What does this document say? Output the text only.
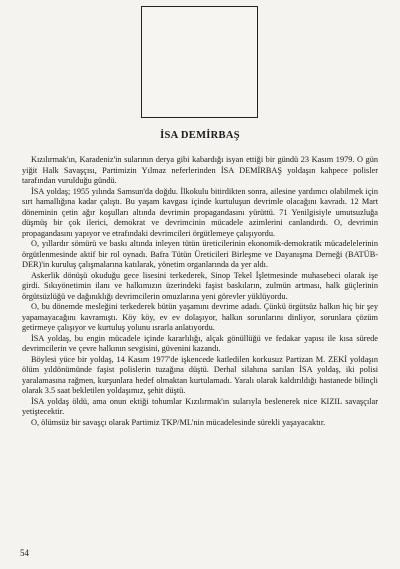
İSA DEMİRBAŞ

Kızılırmak'ın, Karadeniz'in sularının derya gibi kabardığı isyan ettiği bir gündü 23 Kasım 1979. O gün yiğit Halk Savaşçısı, Partimizin Yılmaz neferlerinden İSA DEMİRBAŞ yoldaşın kahpece polisler tarafından vurulduğu gündü.

İSA yoldaş; 1955 yılında Samsun'da doğdu. İlkokulu bitirdikten sonra, ailesine yardımcı olabilmek için sırt hamallığına kadar çalıştı. Bu yaşam kavgası içinde kurtuluşun devrimle olacağını kavradı. 12 Mart döneminin çetin ağır koşulları altında devrimin propagandasını yürüttü. 71 Yenilgisiyle umutsuzluğa düşmüş bir çok ilerici, demokrat ve devrimcinin mücadele azimlerini canlandırdı. O, devrimin propagandasını yapıyor ve etrafındaki devrimcileri örgütlemeye çalışıyordu.

O, yıllardır sömürü ve baskı altında inleyen tütün üreticilerinin ekonomik-demokratik mücadelelerinin örgütlenmesinde aktif bir rol oynadı. Bafra Tütün Üreticileri Birleşme ve Dayanışma Derneği (BATÜB-DER)'in kuruluş çalışmalarına katılarak, yönetim organlarında da yer aldı.

Askerlik dönüşü okuduğu gece lisesini terkederek, Sinop Tekel İşletmesinde muhasebeci olarak işe girdi. Sıkıyönetimin ilanı ve halkımızın üzerindeki faşist baskıların, zulmün artması, halk güçlerinin örgütsüzlüğü ve dağınıklığı devrimcilerin omuzlarına yeni görevler yüklüyordu.

O, bu dönemde mesleğini terkederek bütün yaşamını devrime adadı. Çünkü örgütsüz halkın hiç bir şey yapamayacağını kavramıştı. Köy köy, ev ev dolaşıyor, halkın sorunlarını dinliyor, sorunlara çözüm getirmeye çalışıyor ve kurtuluş yolunu ısrarla anlatıyordu.

İSA yoldaş, bu engin mücadele içinde kararlılığı, alçak gönüllüğü ve fedakar yapısı ile kısa sürede devrimcilerin ve çevre halkının sevgisini, güvenini kazandı.

Böylesi yüce bir yoldaş, 14 Kasım 1977'de işkencede katledilen korkusuz Partizan M. ZEKİ yoldaşın ölüm yıldönümünde faşist polislerin tuzağına düştü. Derhal silahına sarılan İSA yoldaş, iki polisi yaralamasına rağmen, kurşunlara hedef olmaktan kurtulamadı. Yaralı olarak kaldırıldığı hastanede bilinçli olarak 3.5 saat bekletilen yoldaşımız, şehit düştü.

İSA yoldaş öldü, ama onun ektiği tohumlar Kızılırmak'ın sularıyla beslenerek nice KIZIL savaşçılar yetiştecektir.

O, ölümsüz bir savaşçı olarak Partimiz TKP/ML'nin mücadelesinde sürekli yaşayacaktır.

54
